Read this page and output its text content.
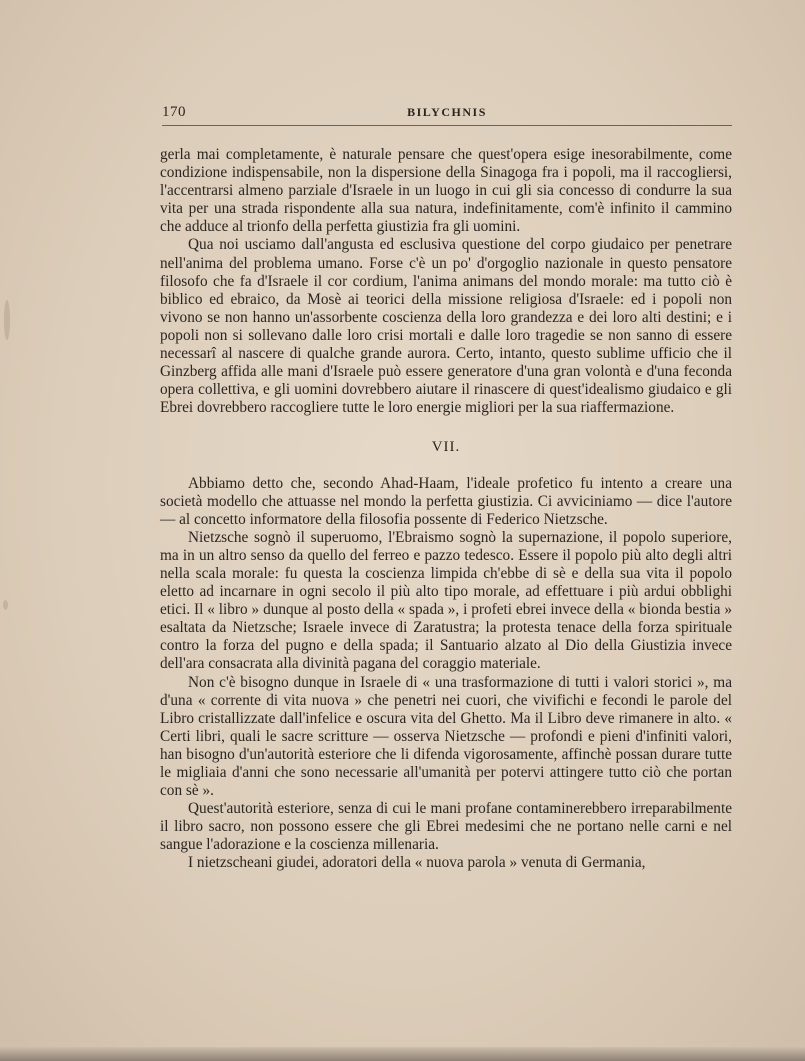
170	BILYCHNIS

gerla mai completamente, è naturale pensare che quest'opera esige inesorabilmente, come condizione indispensabile, non la dispersione della Sinagoga fra i popoli, ma il raccogliersi, l'accentrarsi almeno parziale d'Israele in un luogo in cui gli sia concesso di condurre la sua vita per una strada rispondente alla sua natura, indefinitamente, com'è infinito il cammino che adduce al trionfo della perfetta giustizia fra gli uomini.

Qua noi usciamo dall'angusta ed esclusiva questione del corpo giudaico per penetrare nell'anima del problema umano. Forse c'è un po' d'orgoglio nazionale in questo pensatore filosofo che fa d'Israele il cor cordium, l'anima animans del mondo morale: ma tutto ciò è biblico ed ebraico, da Mosè ai teorici della missione religiosa d'Israele: ed i popoli non vivono se non hanno un'assorbente coscienza della loro grandezza e dei loro alti destini; e i popoli non si sollevano dalle loro crisi mortali e dalle loro tragedie se non sanno di essere necessarî al nascere di qualche grande aurora. Certo, intanto, questo sublime ufficio che il Ginzberg affida alle mani d'Israele può essere generatore d'una gran volontà e d'una feconda opera collettiva, e gli uomini dovrebbero aiutare il rinascere di quest'idealismo giudaico e gli Ebrei dovrebbero raccogliere tutte le loro energie migliori per la sua riaffermazione.

VII.

Abbiamo detto che, secondo Ahad-Haam, l'ideale profetico fu intento a creare una società modello che attuasse nel mondo la perfetta giustizia. Ci avviciniamo — dice l'autore — al concetto informatore della filosofia possente di Federico Nietzsche.

Nietzsche sognò il superuomo, l'Ebraismo sognò la supernazione, il popolo superiore, ma in un altro senso da quello del ferreo e pazzo tedesco. Essere il popolo più alto degli altri nella scala morale: fu questa la coscienza limpida ch'ebbe di sè e della sua vita il popolo eletto ad incarnare in ogni secolo il più alto tipo morale, ad effettuare i più ardui obblighi etici. Il « libro » dunque al posto della « spada », i profeti ebrei invece della « bionda bestia » esaltata da Nietzsche; Israele invece di Zaratustra; la protesta tenace della forza spirituale contro la forza del pugno e della spada; il Santuario alzato al Dio della Giustizia invece dell'ara consacrata alla divinità pagana del coraggio materiale.

Non c'è bisogno dunque in Israele di « una trasformazione di tutti i valori storici », ma d'una « corrente di vita nuova » che penetri nei cuori, che vivifichi e fecondi le parole del Libro cristallizzate dall'infelice e oscura vita del Ghetto. Ma il Libro deve rimanere in alto. « Certi libri, quali le sacre scritture — osserva Nietzsche — profondi e pieni d'infiniti valori, han bisogno d'un'autorità esteriore che li difenda vigorosamente, affinchè possan durare tutte le migliaia d'anni che sono necessarie all'umanità per potervi attingere tutto ciò che portan con sè ».

Quest'autorità esteriore, senza di cui le mani profane contaminerebbero irreparabilmente il libro sacro, non possono essere che gli Ebrei medesimi che ne portano nelle carni e nel sangue l'adorazione e la coscienza millenaria.

I nietzscheani giudei, adoratori della « nuova parola » venuta di Germania,
